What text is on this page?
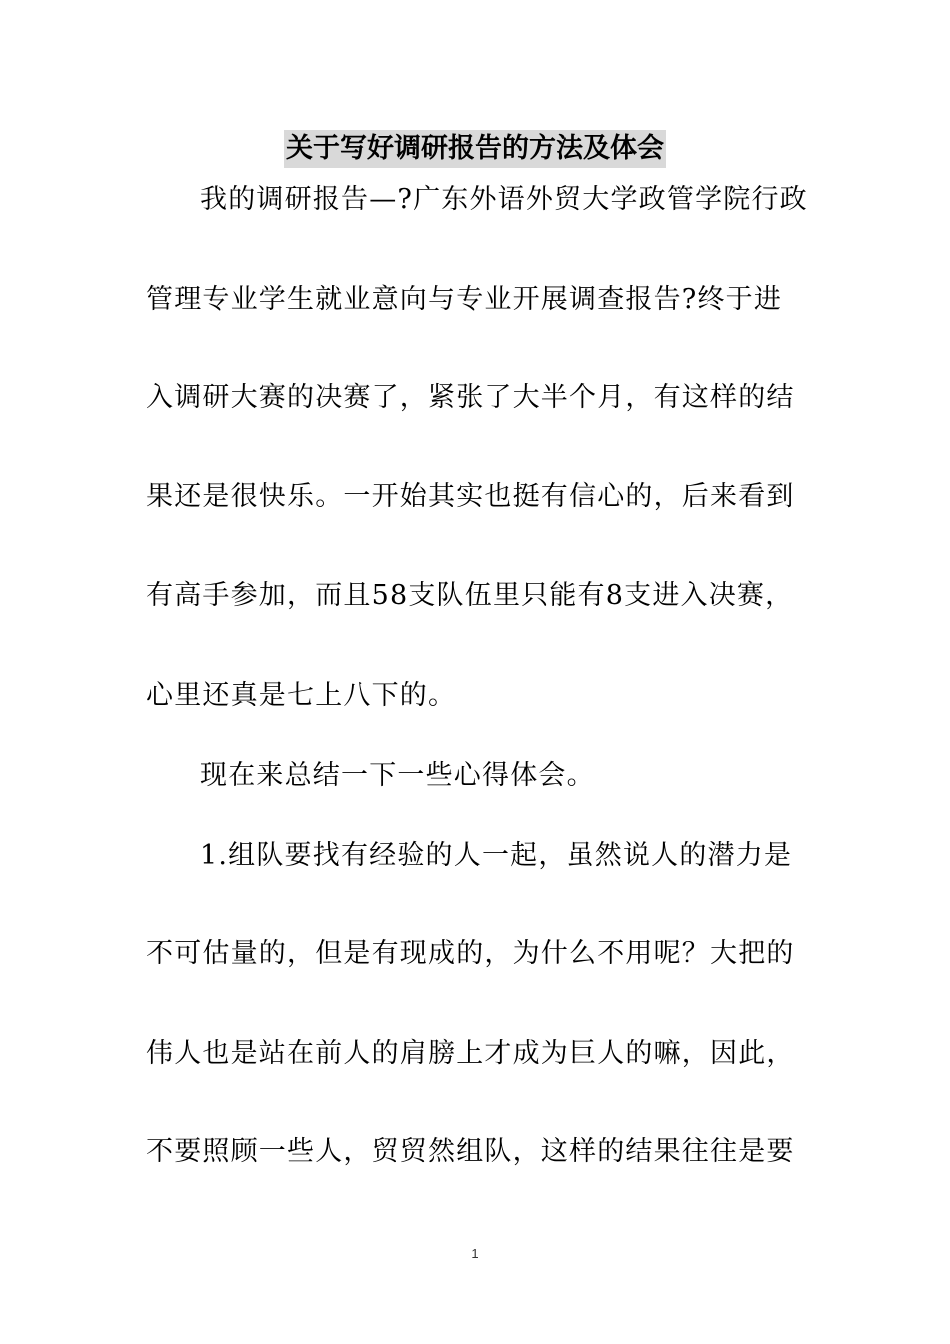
关于写好调研报告的方法及体会
我的调研报告—?广东外语外贸大学政管学院行政
管理专业学生就业意向与专业开展调查报告?终于进
入调研大赛的决赛了，紧张了大半个月，有这样的结
果还是很快乐。一开始其实也挺有信心的，后来看到
有高手参加，而且58支队伍里只能有8支进入决赛，
心里还真是七上八下的。
现在来总结一下一些心得体会。
1.组队要找有经验的人一起，虽然说人的潜力是
不可估量的，但是有现成的，为什么不用呢？大把的
伟人也是站在前人的肩膀上才成为巨人的嘛，因此，
不要照顾一些人，贸贸然组队，这样的结果往往是要
1
